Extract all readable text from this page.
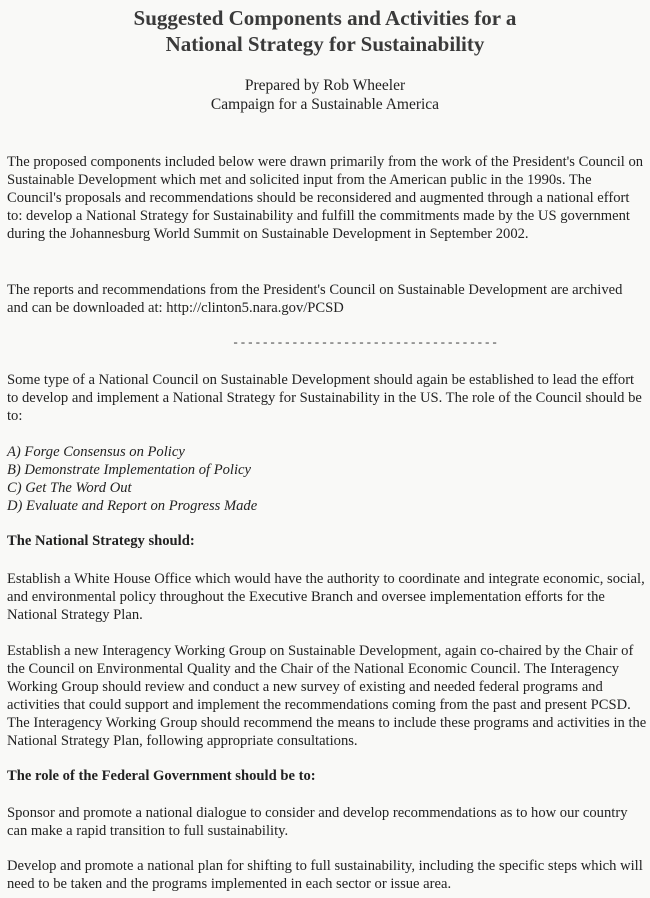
Suggested Components and Activities for a
National Strategy for Sustainability
Prepared by Rob Wheeler
Campaign for a Sustainable America

The proposed components included below were drawn primarily from the work of the President's Council on Sustainable Development which met and solicited input from the American public in the 1990s. The Council's proposals and recommendations should be reconsidered and augmented through a national effort to: develop a National Strategy for Sustainability and fulfill the commitments made by the US government during the Johannesburg World Summit on Sustainable Development in September 2002.

The reports and recommendations from the President's Council on Sustainable Development are archived and can be downloaded at: http://clinton5.nara.gov/PCSD

------------------------------------

Some type of a National Council on Sustainable Development should again be established to lead the effort to develop and implement a National Strategy for Sustainability in the US. The role of the Council should be to:

A) Forge Consensus on Policy
B) Demonstrate Implementation of Policy
C) Get The Word Out
D) Evaluate and Report on Progress Made
The National Strategy should:

Establish a White House Office which would have the authority to coordinate and integrate economic, social, and environmental policy throughout the Executive Branch and oversee implementation efforts for the National Strategy Plan.

Establish a new Interagency Working Group on Sustainable Development, again co-chaired by the Chair of the Council on Environmental Quality and the Chair of the National Economic Council. The Interagency Working Group should review and conduct a new survey of existing and needed federal programs and activities that could support and implement the recommendations coming from the past and present PCSD. The Interagency Working Group should recommend the means to include these programs and activities in the National Strategy Plan, following appropriate consultations.

The role of the Federal Government should be to:

Sponsor and promote a national dialogue to consider and develop recommendations as to how our country can make a rapid transition to full sustainability.

Develop and promote a national plan for shifting to full sustainability, including the specific steps which will need to be taken and the programs implemented in each sector or issue area.
